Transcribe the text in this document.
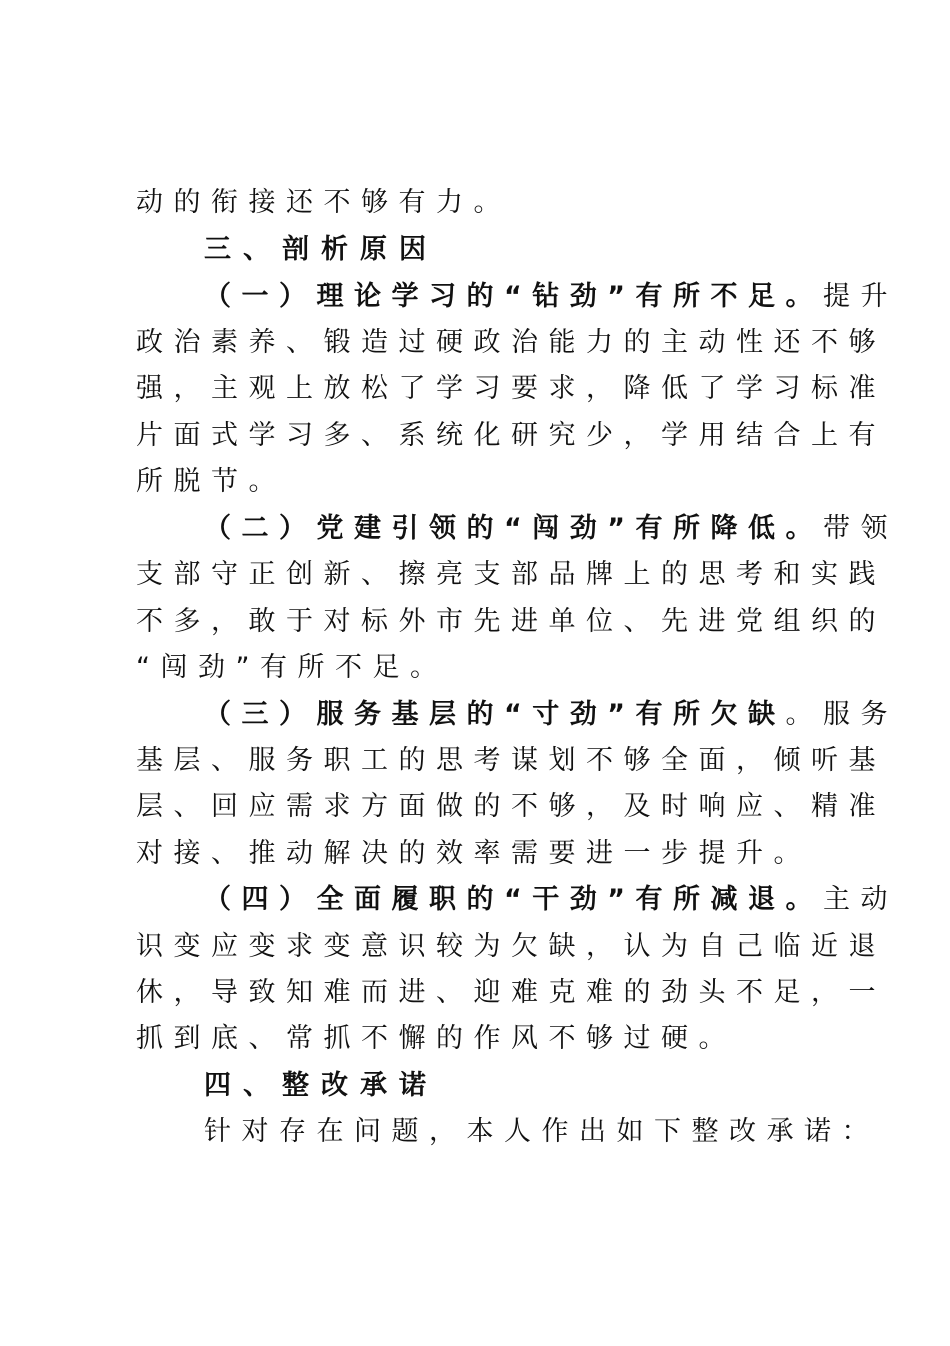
动的衔接还不够有力。
三、剖析原因
（一）理论学习的“钻劲”有所不足。提升
政治素养、锻造过硬政治能力的主动性还不够
强，主观上放松了学习要求，降低了学习标准
片面式学习多、系统化研究少，学用结合上有
所脱节。
（二）党建引领的“闯劲”有所降低。带领
支部守正创新、擦亮支部品牌上的思考和实践
不多，敢于对标外市先进单位、先进党组织的
“闯劲”有所不足。
（三）服务基层的“寸劲”有所欠缺。服务
基层、服务职工的思考谋划不够全面，倾听基
层、回应需求方面做的不够，及时响应、精准
对接、推动解决的效率需要进一步提升。
（四）全面履职的“干劲”有所减退。主动
识变应变求变意识较为欠缺，认为自己临近退
休，导致知难而进、迎难克难的劲头不足，一
抓到底、常抓不懈的作风不够过硬。
四、整改承诺
针对存在问题，本人作出如下整改承诺：
